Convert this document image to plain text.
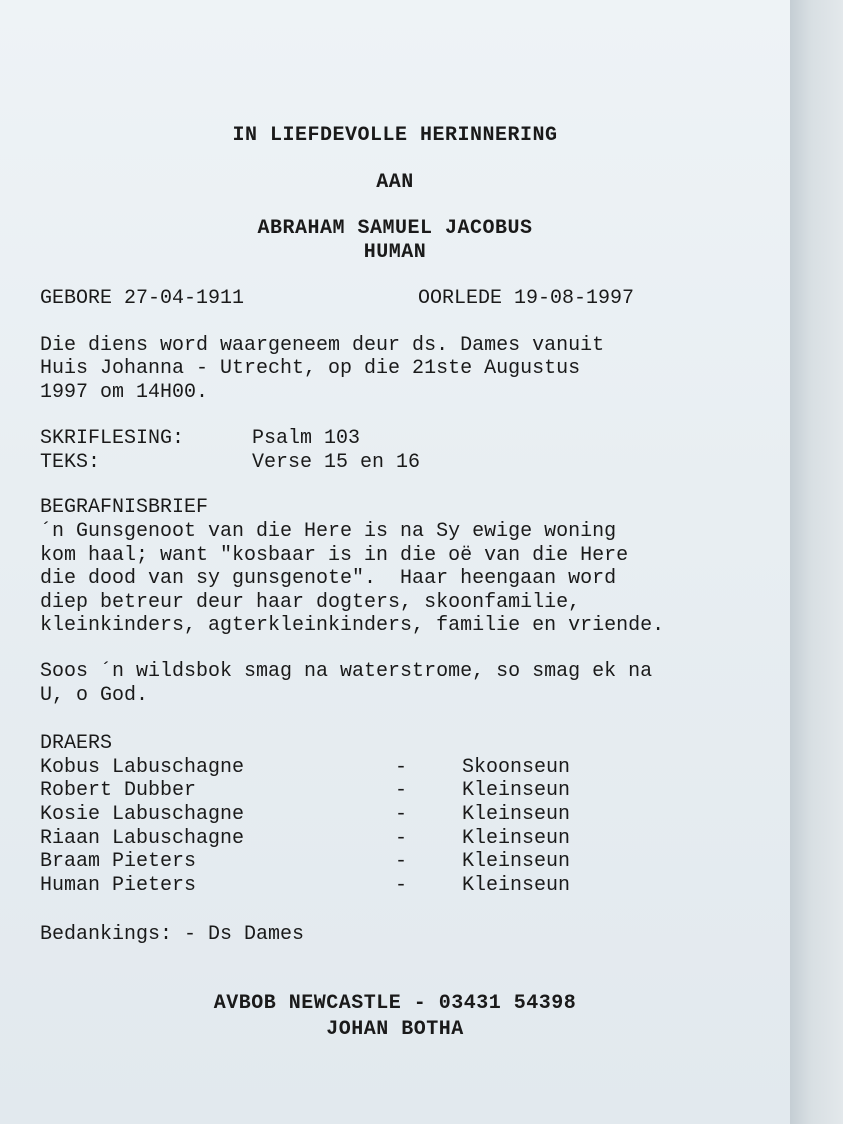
IN LIEFDEVOLLE HERINNERING
AAN
ABRAHAM SAMUEL JACOBUS
HUMAN
GEBORE 27-04-1911	OORLEDE 19-08-1997
Die diens word waargeneem deur ds. Dames vanuit
Huis Johanna - Utrecht, op die 21ste Augustus
1997 om 14H00.
SKRIFLESING:	Psalm 103
TEKS:	Verse 15 en 16
BEGRAFNISBRIEF
´n Gunsgenoot van die Here is na Sy ewige woning
kom haal; want "kosbaar is in die oë van die Here
die dood van sy gunsgenote".  Haar heengaan word
diep betreur deur haar dogters, skoonfamilie,
kleinkinders, agterkleinkinders, familie en vriende.
Soos ´n wildsbok smag na waterstrome, so smag ek na
U, o God.
DRAERS
Kobus Labuschagne	-	Skoonseun
Robert Dubber	-	Kleinseun
Kosie Labuschagne	-	Kleinseun
Riaan Labuschagne	-	Kleinseun
Braam Pieters	-	Kleinseun
Human Pieters	-	Kleinseun
Bedankings: - Ds Dames
AVBOB NEWCASTLE - 03431 54398
JOHAN BOTHA
